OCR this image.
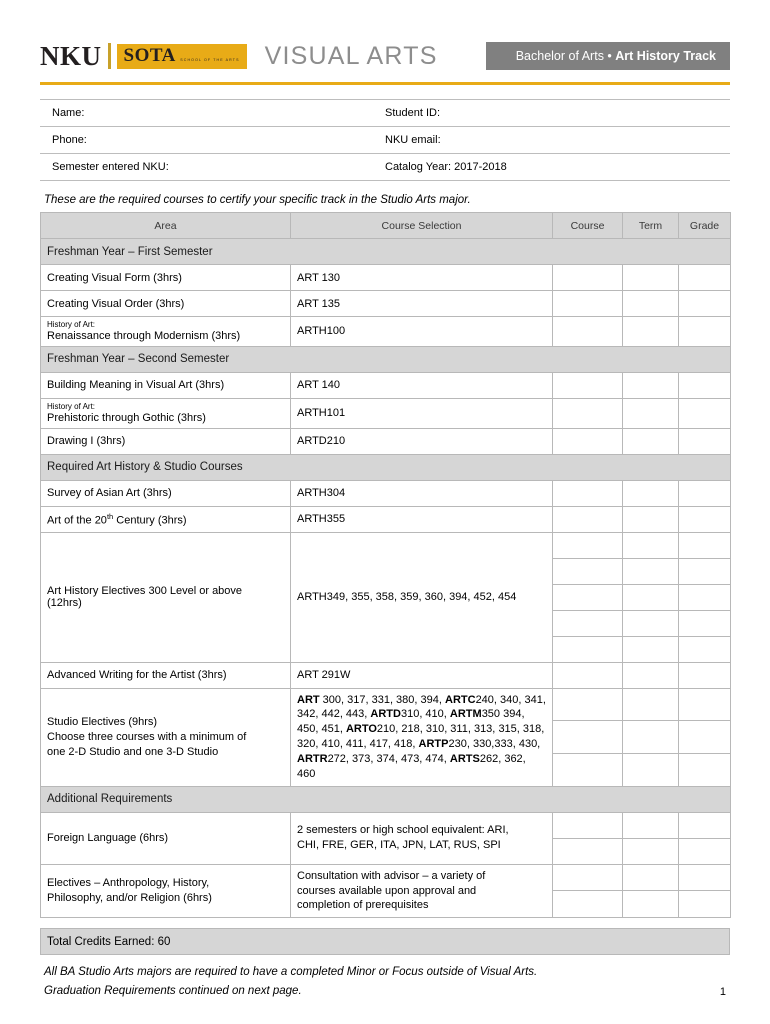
NKU	SOTA SCHOOL OF THE ARTS VISUAL ARTS	Bachelor of Arts • Art History Track
Name:	Student ID:
Phone:	NKU email:
Semester entered NKU:	Catalog Year: 2017-2018
These are the required courses to certify your specific track in the Studio Arts major.
Area	Course Selection	Course	Term	Grade
Freshman Year – First Semester				
Creating Visual Form (3hrs)	ART 130			
Creating Visual Order (3hrs)	ART 135			

History of Art:
Renaissance through Modernism (3hrs)	ARTH100			
Freshman Year – Second Semester				
Building Meaning in Visual Art (3hrs)	ART 140			

History of Art:
Prehistoric through Gothic (3hrs)	ARTH101			
Drawing I (3hrs)	ARTD210			
Required Art History & Studio Courses				
Survey of Asian Art (3hrs)	ARTH304			
Art of the 20th Century (3hrs)	ARTH355			

Art History Electives 300 Level or above
(12hrs)	ARTH349, 355, 358, 359, 360, 394, 452, 454			

Advanced Writing for the Artist (3hrs)	ART 291W			

Studio Electives (9hrs)
Choose three courses with a minimum of
one 2-D Studio and one 3-D Studio
	ART 300, 317, 331, 380, 394, ARTC240, 340, 341, 342, 442, 443, ARTD310, 410, ARTM350 394, 450, 451, ARTO210, 218, 310, 311, 313, 315, 318, 320, 410, 411, 417, 418, ARTP230, 330,333, 430, ARTR272, 373, 374, 473, 474, ARTS262, 362, 460			

Additional Requirements				
Foreign Language (6hrs)	2 semesters or high school equivalent: ARI,
CHI, FRE, GER, ITA, JPN, LAT, RUS, SPI			

Electives – Anthropology, History,
Philosophy, and/or Religion (6hrs)

Consultation with advisor – a variety of
courses available upon approval and
completion of prerequisites

Total Credits Earned: 60
All BA Studio Arts majors are required to have a completed Minor or Focus outside of Visual Arts.
Graduation Requirements continued on next page.	1
